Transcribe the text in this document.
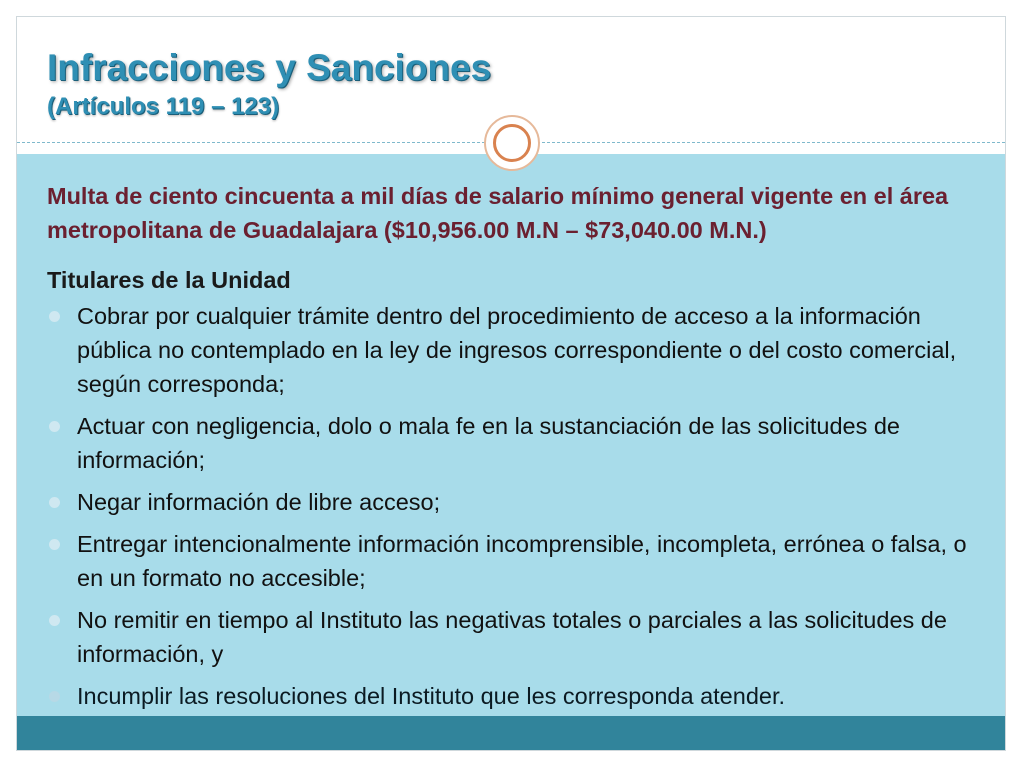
Infracciones y Sanciones
(Artículos 119 – 123)

Multa de ciento cincuenta a mil días de salario mínimo general vigente en el área metropolitana de Guadalajara ($10,956.00 M.N – $73,040.00 M.N.)

Titulares de la Unidad

Cobrar por cualquier trámite dentro del procedimiento de acceso a la información pública no contemplado en la ley de ingresos correspondiente o del costo comercial, según corresponda;
Actuar con negligencia, dolo o mala fe en la sustanciación de las solicitudes de información;
Negar información de libre acceso;
Entregar intencionalmente información incomprensible, incompleta, errónea o falsa, o en un formato no accesible;
No remitir en tiempo al Instituto las negativas totales o parciales a las solicitudes de información, y
Incumplir las resoluciones del Instituto que les corresponda atender.
